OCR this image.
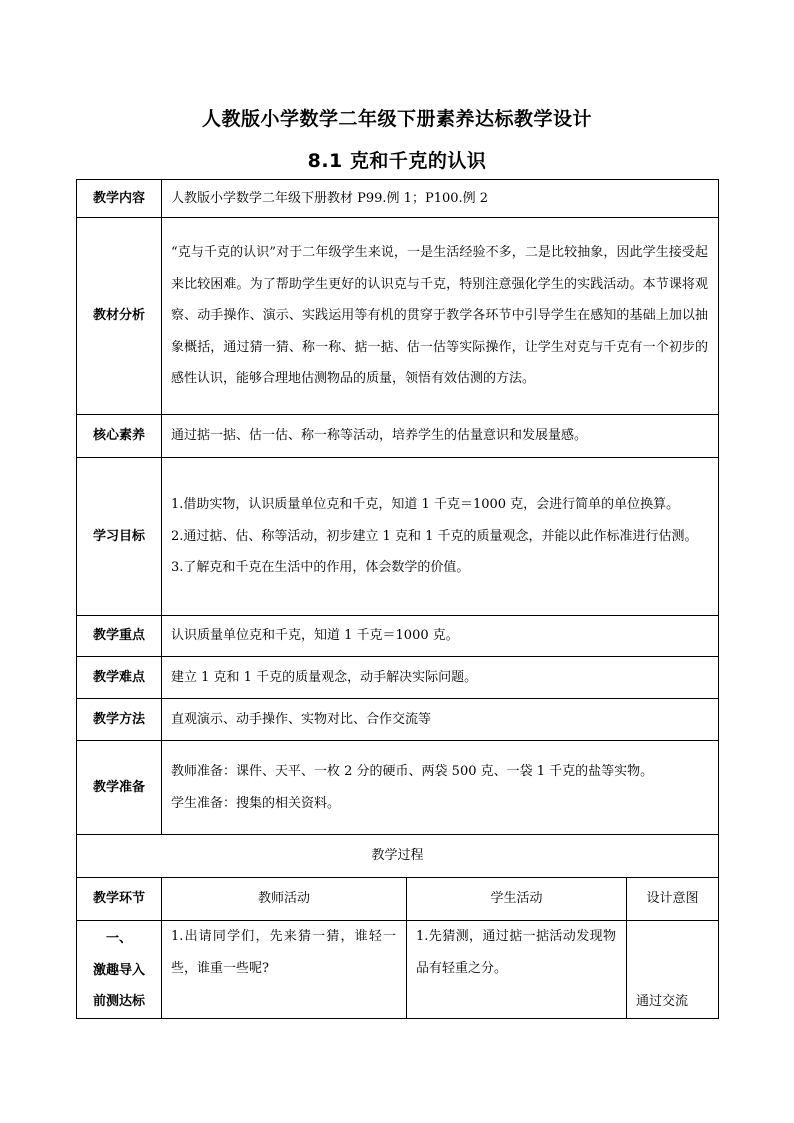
人教版小学数学二年级下册素养达标教学设计
8.1 克和千克的认识
教学内容	人教版小学数学二年级下册教材 P99.例 1；P100.例 2		
教材分析	“克与千克的认识”对于二年级学生来说，一是生活经验不多，二是比较抽象，因此学生接受起来比较困难。为了帮助学生更好的认识克与千克，特别注意强化学生的实践活动。本节课将观察、动手操作、演示、实践运用等有机的贯穿于教学各环节中引导学生在感知的基础上加以抽象概括，通过猜一猜、称一称、掂一掂、估一估等实际操作，让学生对克与千克有一个初步的感性认识，能够合理地估测物品的质量，领悟有效估测的方法。		
核心素养	通过掂一掂、估一估、称一称等活动，培养学生的估量意识和发展量感。		
学习目标	1.借助实物，认识质量单位克和千克，知道 1 千克＝1000 克，会进行简单的单位换算。

2.通过掂、估、称等活动，初步建立 1 克和 1 千克的质量观念，并能以此作标准进行估测。

3.了解克和千克在生活中的作用，体会数学的价值。		

教学重点	认识质量单位克和千克，知道 1 千克＝1000 克。		
教学难点	建立 1 克和 1 千克的质量观念，动手解决实际问题。		
教学方法	直观演示、动手操作、实物对比、合作交流等		
教学准备	教师准备：课件、天平、一枚 2 分的硬币、两袋 500 克、一袋 1 千克的盐等实物。

学生准备：搜集的相关资料。		

教学过程			
教学环节	教师活动	学生活动	设计意图

一、
激趣导入
前测达标	1.出请同学们，先来猜一猜，谁轻一些，谁重一些呢?	1.先猜测，通过掂一掂活动发现物品有轻重之分。	通过交流
